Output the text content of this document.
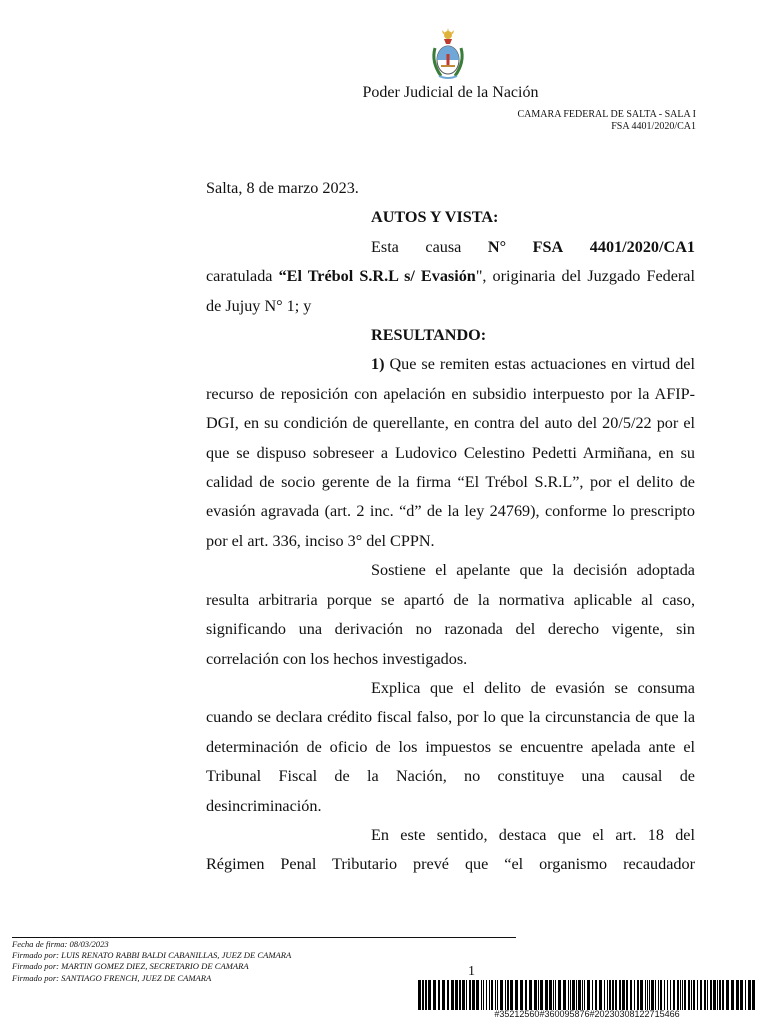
Poder Judicial de la Nación
CAMARA FEDERAL DE SALTA - SALA I
FSA 4401/2020/CA1

Salta, 8 de marzo 2023.

AUTOS Y VISTA:

Esta causa N° FSA 4401/2020/CA1

caratulada “El Trébol S.R.L s/ Evasión", originaria del Juzgado Federal de Jujuy N° 1; y

RESULTANDO:

1) Que se remiten estas actuaciones en virtud del recurso de reposición con apelación en subsidio interpuesto por la AFIP-DGI, en su condición de querellante, en contra del auto del 20/5/22 por el que se dispuso sobreseer a Ludovico Celestino Pedetti Armiñana, en su calidad de socio gerente de la firma “El Trébol S.R.L”, por el delito de evasión agravada (art. 2 inc. “d” de la ley 24769), conforme lo prescripto por el art. 336, inciso 3° del CPPN.

Sostiene el apelante que la decisión adoptada resulta arbitraria porque se apartó de la normativa aplicable al caso, significando una derivación no razonada del derecho vigente, sin correlación con los hechos investigados.

Explica que el delito de evasión se consuma cuando se declara crédito fiscal falso, por lo que la circunstancia de que la determinación de oficio de los impuestos se encuentre apelada ante el Tribunal Fiscal de la Nación, no constituye una causal de desincriminación.

En este sentido, destaca que el art. 18 del Régimen Penal Tributario prevé que “el organismo recaudador

Fecha de firma: 08/03/2023
Firmado por: LUIS RENATO RABBI BALDI CABANILLAS, JUEZ DE CAMARA
Firmado por: MARTIN GOMEZ DIEZ, SECRETARIO DE CAMARA
Firmado por: SANTIAGO FRENCH, JUEZ DE CAMARA	1
#35212560#360095876#20230308122715466
